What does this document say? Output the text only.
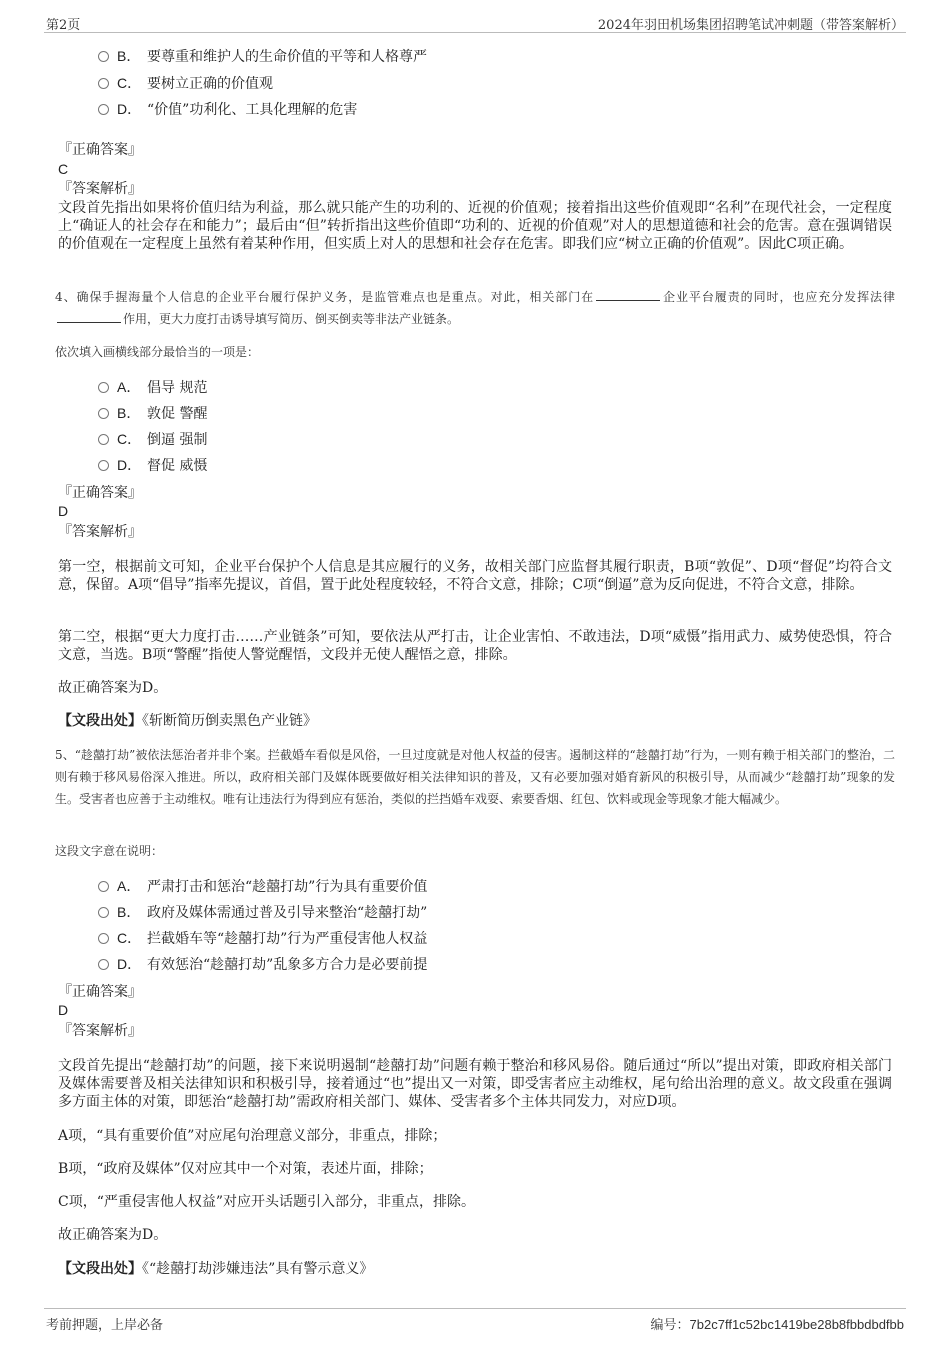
第2页	2024年羽田机场集团招聘笔试冲刺题（带答案解析）
B． 要尊重和维护人的生命价值的平等和人格尊严
C． 要树立正确的价值观
D． “价值”功利化、工具化理解的危害
『正确答案』
C
『答案解析』
文段首先指出如果将价值归结为利益，那么就只能产生的功利的、近视的价值观；接着指出这些价值观即“名利”在现代社会，一定程度上“确证人的社会存在和能力”；最后由“但”转折指出这些价值即“功利的、近视的价值观”对人的思想道德和社会的危害。意在强调错误的价值观在一定程度上虽然有着某种作用，但实质上对人的思想和社会存在危害。即我们应“树立正确的价值观”。因此C项正确。
4、确保手握海量个人信息的企业平台履行保护义务，是监管难点也是重点。对此，相关部门在	企业平台履责的同时，也应充分发挥法律作用，更大力度打击诱导填写简历、倒买倒卖等非法产业链条。
依次填入画横线部分最恰当的一项是：
A． 倡导 规范
B． 敦促 警醒
C． 倒逼 强制
D． 督促 威慑
『正确答案』
D
『答案解析』
第一空，根据前文可知，企业平台保护个人信息是其应履行的义务，故相关部门应监督其履行职责，B项“敦促”、D项“督促”均符合文意，保留。A项“倡导”指率先提议，首倡，置于此处程度较轻，不符合文意，排除；C项“倒逼”意为反向促进，不符合文意，排除。
第二空，根据“更大力度打击……产业链条”可知，要依法从严打击，让企业害怕、不敢违法，D项“威慑”指用武力、威势使恐惧，符合文意，当选。B项“警醒”指使人警觉醒悟，文段并无使人醒悟之意，排除。
故正确答案为D。
【文段出处】《斩断简历倒卖黑色产业链》
5、“趁囍打劫”被依法惩治者并非个案。拦截婚车看似是风俗，一旦过度就是对他人权益的侵害。遏制这样的“趁囍打劫”行为，一则有赖于相关部门的整治，二则有赖于移风易俗深入推进。所以，政府相关部门及媒体既要做好相关法律知识的普及，又有必要加强对婚育新风的积极引导，从而减少“趁囍打劫”现象的发生。受害者也应善于主动维权。唯有让违法行为得到应有惩治，类似的拦挡婚车戏耍、索要香烟、红包、饮料或现金等现象才能大幅减少。
这段文字意在说明：
A． 严肃打击和惩治“趁囍打劫”行为具有重要价值
B． 政府及媒体需通过普及引导来整治“趁囍打劫”
C． 拦截婚车等“趁囍打劫”行为严重侵害他人权益
D． 有效惩治“趁囍打劫”乱象多方合力是必要前提
『正确答案』
D
『答案解析』
文段首先提出“趁囍打劫”的问题，接下来说明遏制“趁囍打劫”问题有赖于整治和移风易俗。随后通过“所以”提出对策，即政府相关部门及媒体需要普及相关法律知识和积极引导，接着通过“也”提出又一对策，即受害者应主动维权，尾句给出治理的意义。故文段重在强调多方面主体的对策，即惩治“趁囍打劫”需政府相关部门、媒体、受害者多个主体共同发力，对应D项。
A项，“具有重要价值”对应尾句治理意义部分，非重点，排除；
B项，“政府及媒体”仅对应其中一个对策，表述片面，排除；
C项，“严重侵害他人权益”对应开头话题引入部分，非重点，排除。
故正确答案为D。
【文段出处】《“趁囍打劫涉嫌违法”具有警示意义》
考前押题，上岸必备	编号：7b2c7ff1c52bc1419be28b8fbbdbdfbb
